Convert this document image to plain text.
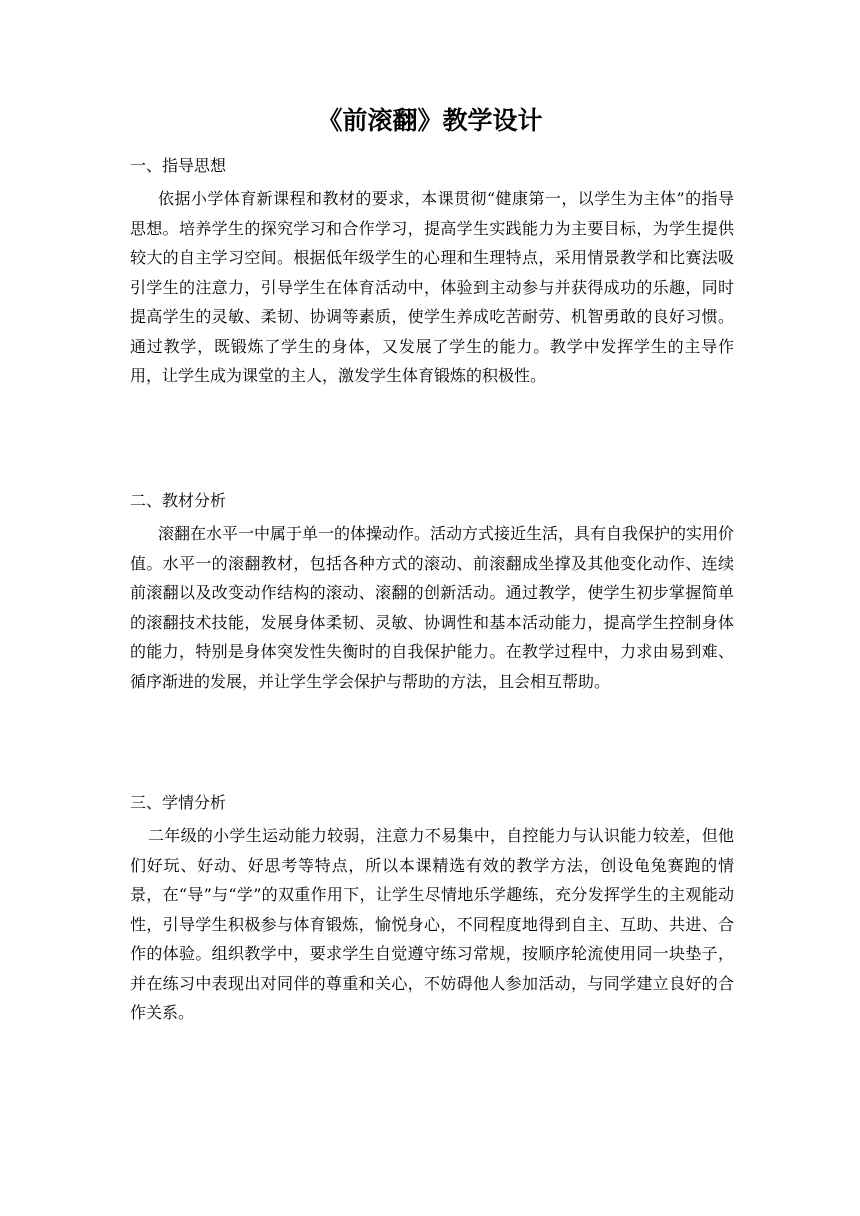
《前滚翻》教学设计

一、指导思想

依据小学体育新课程和教材的要求，本课贯彻“健康第一，以学生为主体”的指导思想。培养学生的探究学习和合作学习，提高学生实践能力为主要目标，为学生提供较大的自主学习空间。根据低年级学生的心理和生理特点，采用情景教学和比赛法吸引学生的注意力，引导学生在体育活动中，体验到主动参与并获得成功的乐趣，同时提高学生的灵敏、柔韧、协调等素质，使学生养成吃苦耐劳、机智勇敢的良好习惯。通过教学，既锻炼了学生的身体，又发展了学生的能力。教学中发挥学生的主导作用，让学生成为课堂的主人，激发学生体育锻炼的积极性。

二、教材分析

滚翻在水平一中属于单一的体操动作。活动方式接近生活，具有自我保护的实用价值。水平一的滚翻教材，包括各种方式的滚动、前滚翻成坐撑及其他变化动作、连续前滚翻以及改变动作结构的滚动、滚翻的创新活动。通过教学，使学生初步掌握简单的滚翻技术技能，发展身体柔韧、灵敏、协调性和基本活动能力，提高学生控制身体的能力，特别是身体突发性失衡时的自我保护能力。在教学过程中，力求由易到难、循序渐进的发展，并让学生学会保护与帮助的方法，且会相互帮助。

三、学情分析

二年级的小学生运动能力较弱，注意力不易集中，自控能力与认识能力较差，但他们好玩、好动、好思考等特点，所以本课精选有效的教学方法，创设龟兔赛跑的情景，在“导”与“学”的双重作用下，让学生尽情地乐学趣练，充分发挥学生的主观能动性，引导学生积极参与体育锻炼，愉悦身心，不同程度地得到自主、互助、共进、合作的体验。组织教学中，要求学生自觉遵守练习常规，按顺序轮流使用同一块垫子，并在练习中表现出对同伴的尊重和关心，不妨碍他人参加活动，与同学建立良好的合作关系。
